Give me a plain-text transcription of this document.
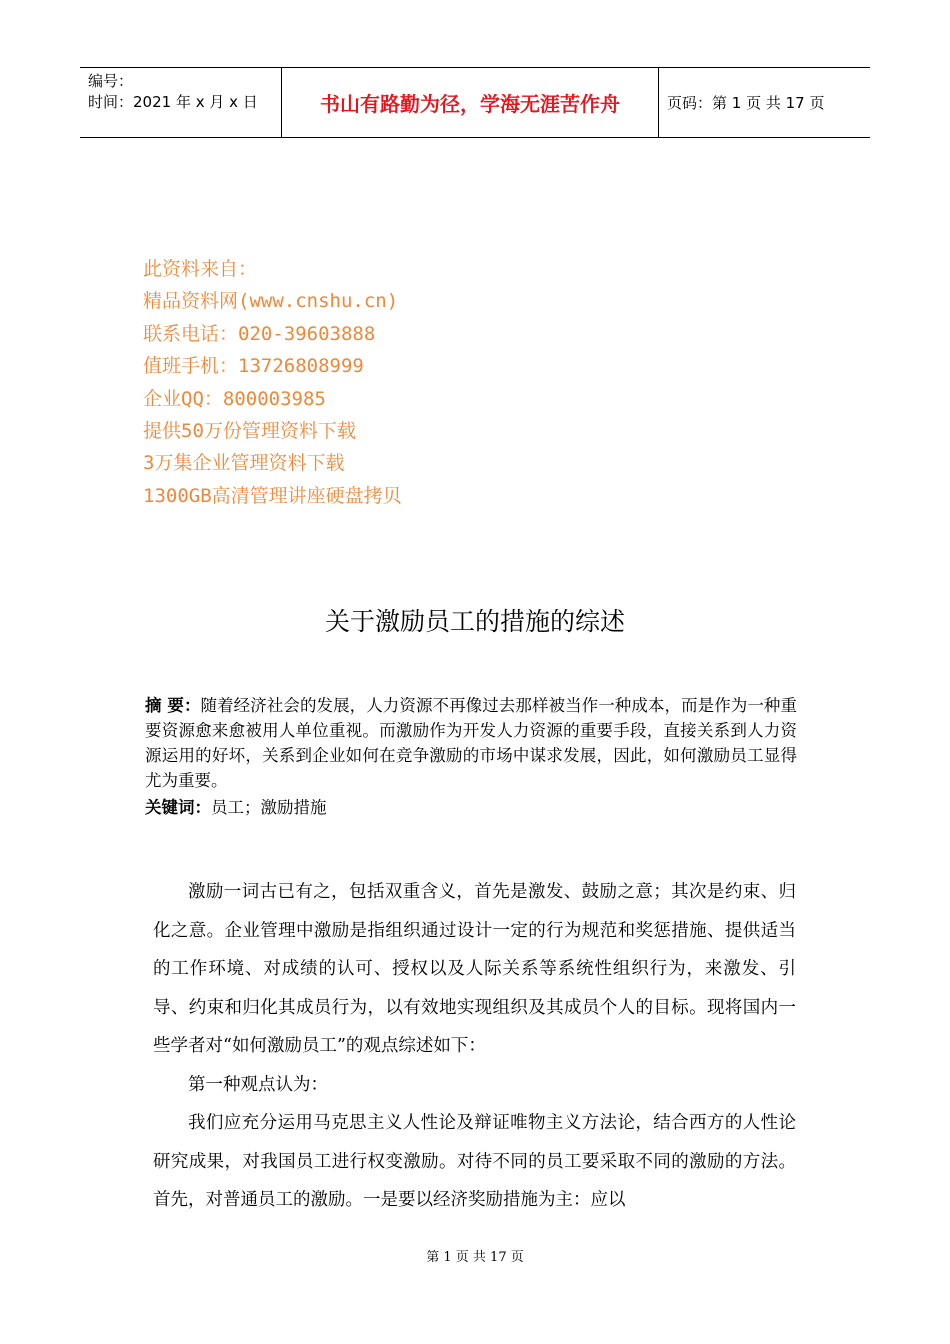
编号：
时间：2021 年 x 月 x 日	书山有路勤为径，学海无涯苦作舟	页码：第 1 页 共 17 页
此资料来自：
精品资料网(www.cnshu.cn)
联系电话：020-39603888
值班手机：13726808999
企业QQ：800003985
提供50万份管理资料下载
3万集企业管理资料下载
1300GB高清管理讲座硬盘拷贝
关于激励员工的措施的综述
摘 要：随着经济社会的发展，人力资源不再像过去那样被当作一种成本，而是作为一种重要资源愈来愈被用人单位重视。而激励作为开发人力资源的重要手段，直接关系到人力资源运用的好坏，关系到企业如何在竞争激励的市场中谋求发展，因此，如何激励员工显得尤为重要。
关键词：员工；激励措施

激励一词古已有之，包括双重含义，首先是激发、鼓励之意；其次是约束、归化之意。企业管理中激励是指组织通过设计一定的行为规范和奖惩措施、提供适当的工作环境、对成绩的认可、授权以及人际关系等系统性组织行为，来激发、引导、约束和归化其成员行为，以有效地实现组织及其成员个人的目标。现将国内一些学者对“如何激励员工”的观点综述如下：

第一种观点认为：

我们应充分运用马克思主义人性论及辩证唯物主义方法论，结合西方的人性论研究成果，对我国员工进行权变激励。对待不同的员工要采取不同的激励的方法。首先，对普通员工的激励。一是要以经济奖励措施为主：应以

第 1 页 共 17 页
